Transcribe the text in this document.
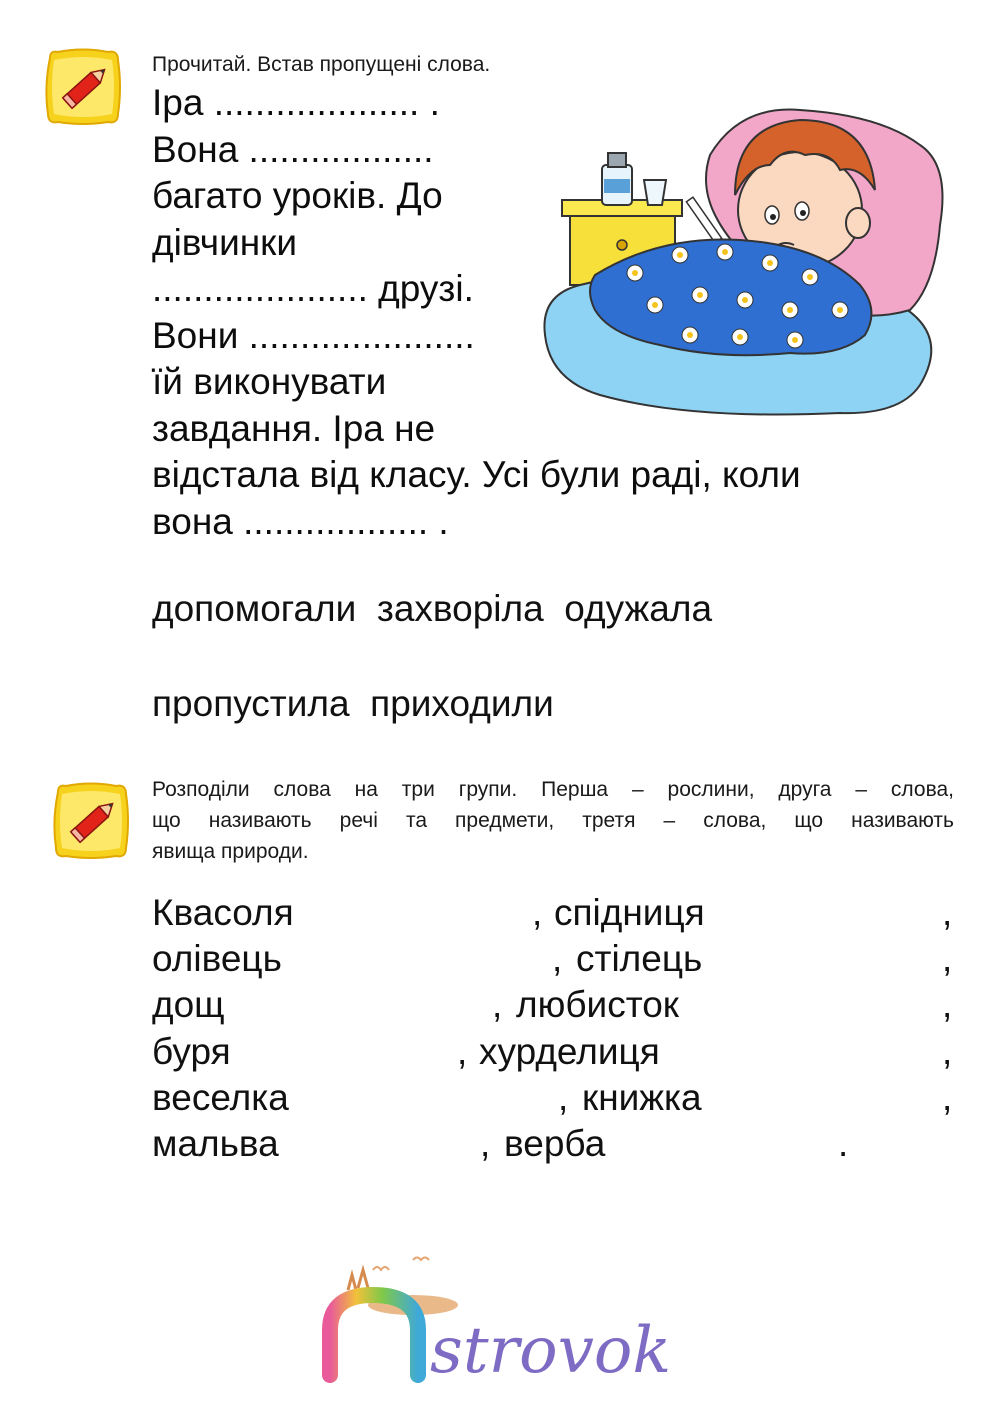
Прочитай. Встав пропущені слова.
Іра .................... .
Вона ..................
багато уроків. До
дівчинки
..................... друзі.
Вони ......................
їй виконувати
завдання. Іра не
відстала від класу. Усі були раді, коли
вона .................. .
допомогали  захворіла  одужала
пропустила  приходили
Розподіли слова на три групи. Перша – рослини, друга – слова,
що називають речі та предмети, третя – слова, що називають
явища природи.
Квасоля	, спідниця	,
олівець	, стілець	,
дощ	, любисток	,
буря	, хурделиця	,
веселка	, книжка	,
мальва	, верба	.
strovok
